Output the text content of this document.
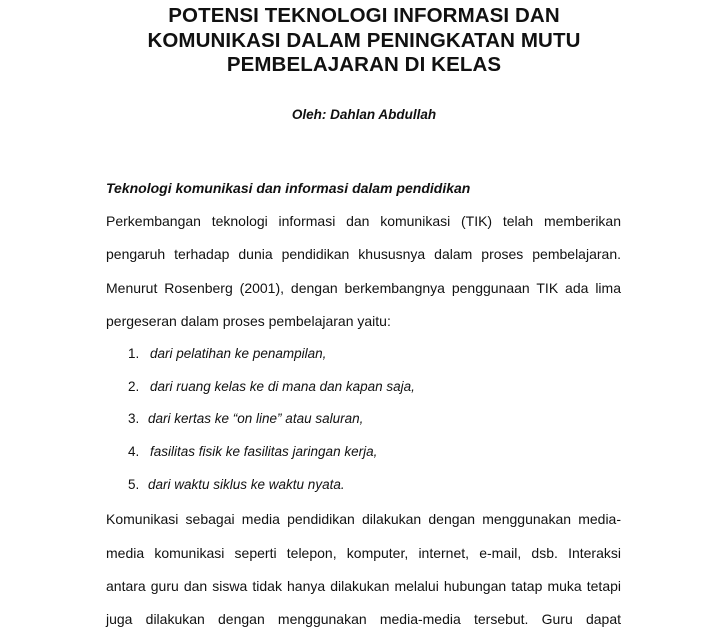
POTENSI TEKNOLOGI INFORMASI DAN
KOMUNIKASI DALAM PENINGKATAN MUTU
PEMBELAJARAN DI KELAS
Oleh: Dahlan Abdullah
Teknologi komunikasi dan informasi dalam pendidikan
Perkembangan teknologi informasi dan komunikasi (TIK) telah memberikan
pengaruh terhadap dunia pendidikan khususnya dalam proses pembelajaran.
Menurut Rosenberg (2001), dengan berkembangnya penggunaan TIK ada lima
pergeseran dalam proses pembelajaran yaitu:
1. dari pelatihan ke penampilan,
2. dari ruang kelas ke di mana dan kapan saja,
3. dari kertas ke “on line” atau saluran,
4. fasilitas fisik ke fasilitas jaringan kerja,
5. dari waktu siklus ke waktu nyata.
Komunikasi sebagai media pendidikan dilakukan dengan menggunakan media-
media komunikasi seperti telepon, komputer, internet, e-mail, dsb. Interaksi
antara guru dan siswa tidak hanya dilakukan melalui hubungan tatap muka tetapi
juga dilakukan dengan menggunakan media-media tersebut. Guru dapat
